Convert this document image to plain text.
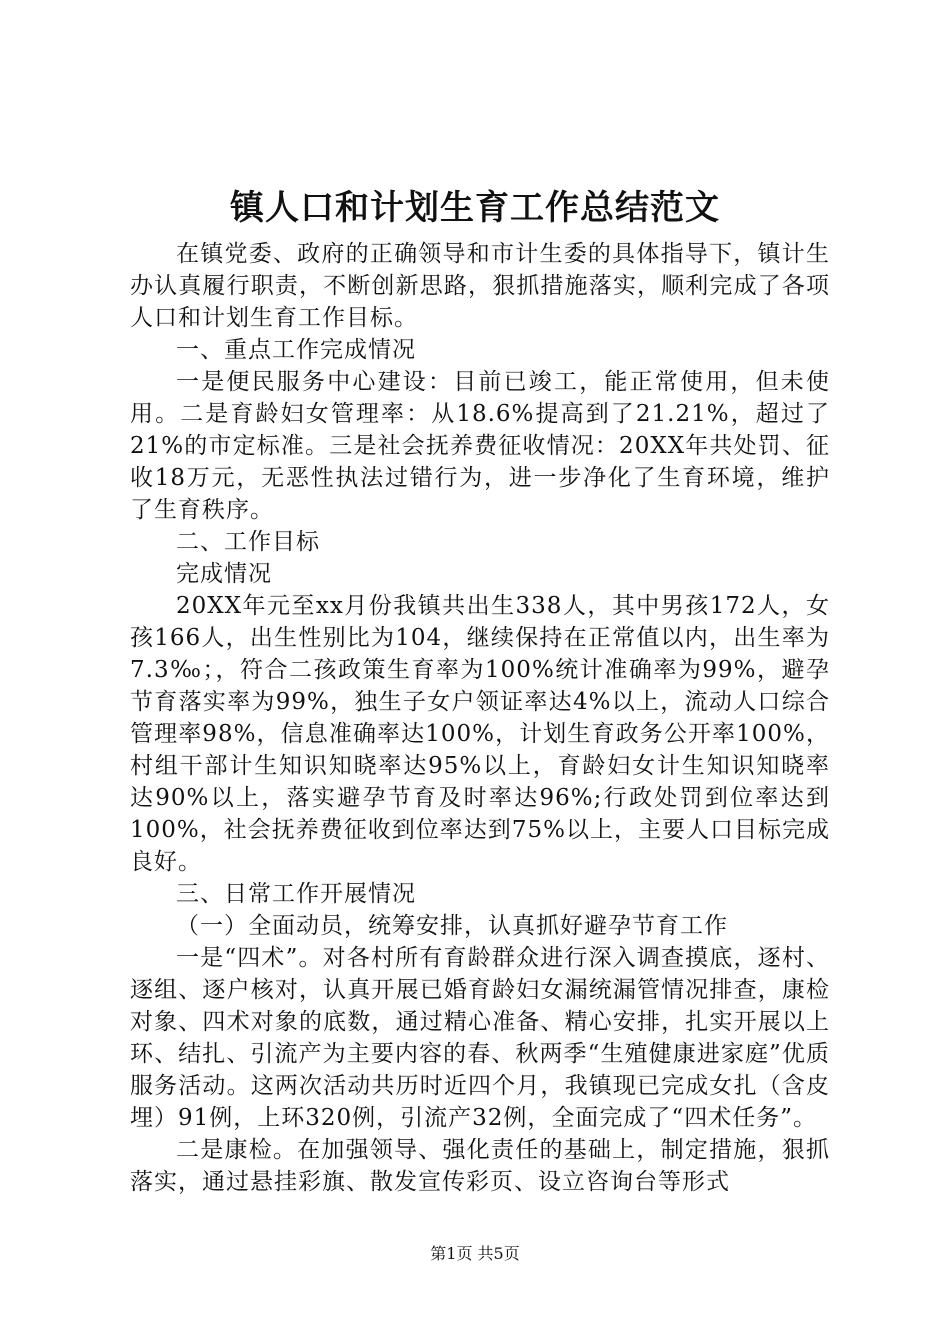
镇人口和计划生育工作总结范文

在镇党委、政府的正确领导和市计生委的具体指导下，镇计生办认真履行职责，不断创新思路，狠抓措施落实，顺利完成了各项人口和计划生育工作目标。

一、重点工作完成情况

一是便民服务中心建设：目前已竣工，能正常使用，但未使用。二是育龄妇女管理率：从18.6%提高到了21.21%，超过了21%的市定标准。三是社会抚养费征收情况：20XX年共处罚、征收18万元，无恶性执法过错行为，进一步净化了生育环境，维护了生育秩序。

二、工作目标

完成情况

20XX年元至xx月份我镇共出生338人，其中男孩172人，女孩166人，出生性别比为104，继续保持在正常值以内，出生率为7.3‰；，符合二孩政策生育率为100%统计准确率为99%，避孕节育落实率为99%，独生子女户领证率达4%以上，流动人口综合管理率98%，信息准确率达100%，计划生育政务公开率100%，村组干部计生知识知晓率达95%以上，育龄妇女计生知识知晓率达90%以上，落实避孕节育及时率达96%;行政处罚到位率达到100%，社会抚养费征收到位率达到75%以上，主要人口目标完成良好。

三、日常工作开展情况

（一）全面动员，统筹安排，认真抓好避孕节育工作

一是“四术”。对各村所有育龄群众进行深入调查摸底，逐村、逐组、逐户核对，认真开展已婚育龄妇女漏统漏管情况排查，康检对象、四术对象的底数，通过精心准备、精心安排，扎实开展以上环、结扎、引流产为主要内容的春、秋两季“生殖健康进家庭”优质服务活动。这两次活动共历时近四个月，我镇现已完成女扎（含皮埋）91例，上环320例，引流产32例，全面完成了“四术任务”。

二是康检。在加强领导、强化责任的基础上，制定措施，狠抓落实，通过悬挂彩旗、散发宣传彩页、设立咨询台等形式

第1页 共5页
